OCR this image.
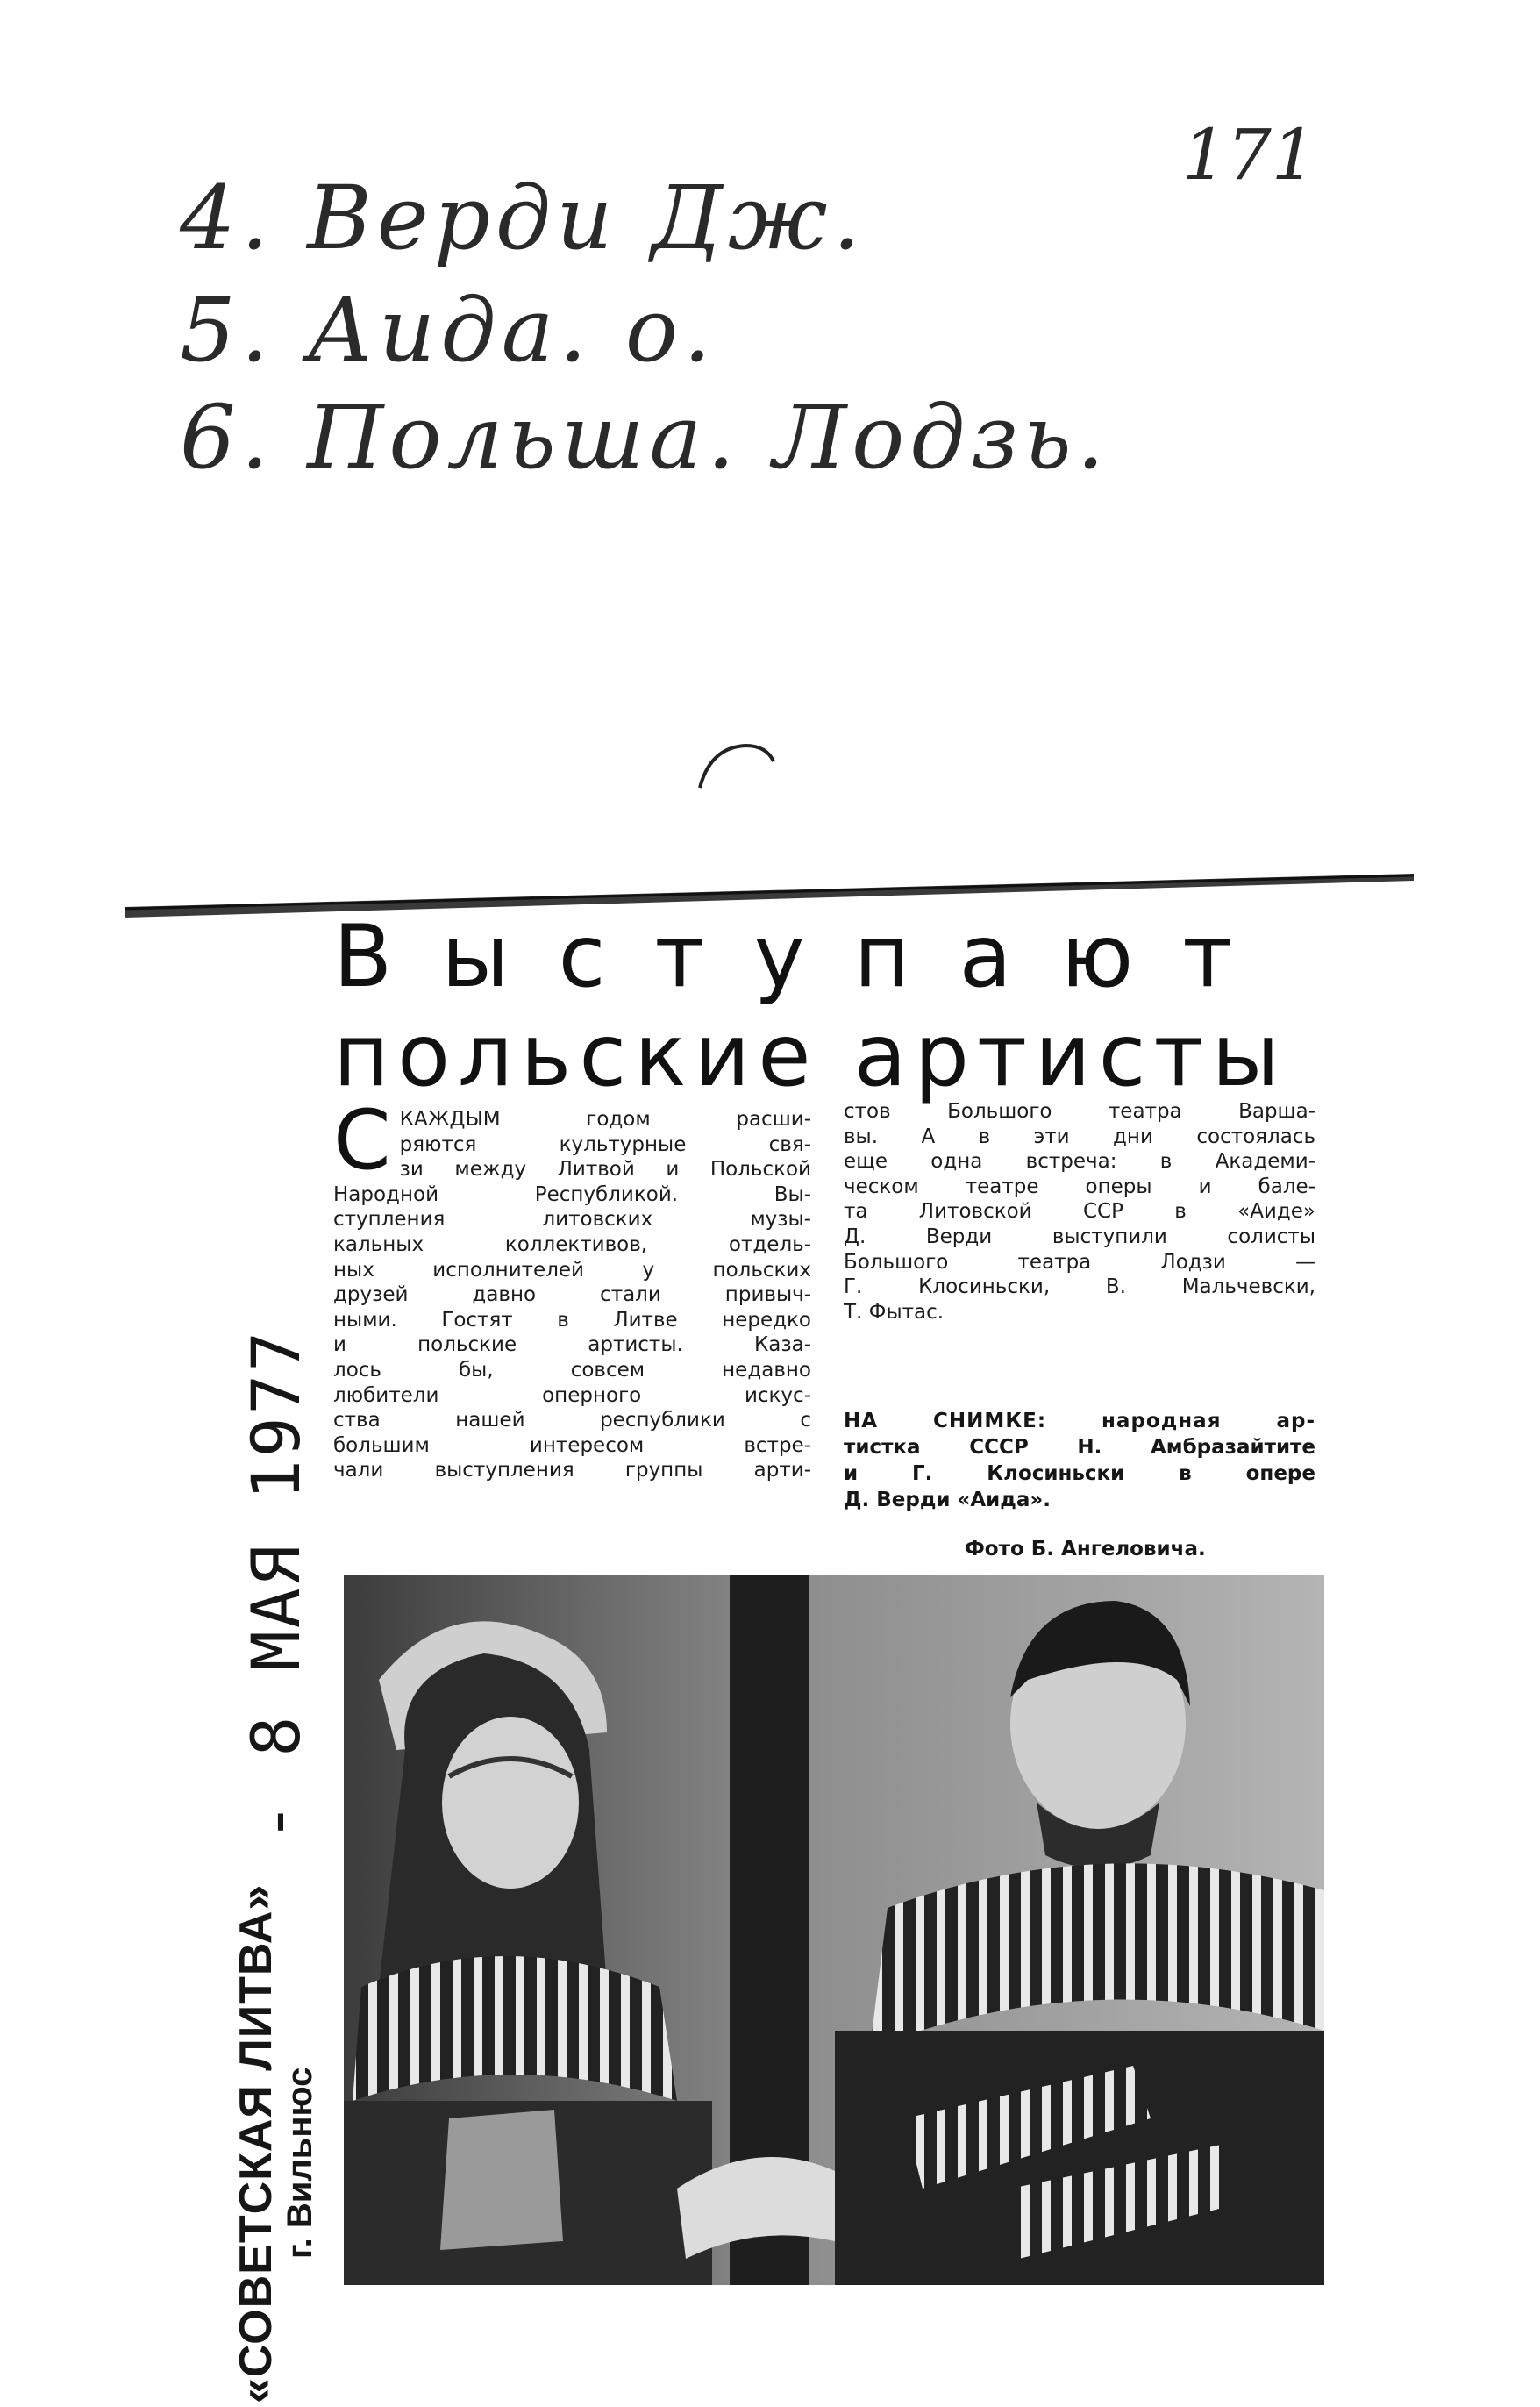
171
4. Верди Дж.
5. Аида. о.
6. Польша. Лодзь.
Выступают
польские артисты
С КАЖДЫМ годом расши-

ряются культурные свя-

зи между Литвой и Польской

Народной Республикой. Вы-

ступления литовских музы-

кальных коллективов, отдель-

ных исполнителей у польских

друзей давно стали привыч-

ными. Гостят в Литве нередко

и польские артисты. Каза-

лось бы, совсем недавно

любители оперного искус-

ства нашей республики с

большим интересом встре-

чали выступления группы арти-

стов Большого театра Варша-

вы. А в эти дни состоялась

еще одна встреча: в Академи-

ческом театре оперы и бале-

та Литовской ССР в «Аиде»

Д. Верди выступили солисты

Большого театра Лодзи —

Г. Клосиньски, В. Мальчевски,

Т. Фытас.

НА СНИМКЕ: народная ар-

тистка СССР Н. Амбразайтите

и Г. Клосиньски в опере

Д. Верди «Аида».

Фото Б. Ангеловича.
- 8 МАЯ 1977
«СОВЕТСКАЯ ЛИТВА» г. Вильнюс
